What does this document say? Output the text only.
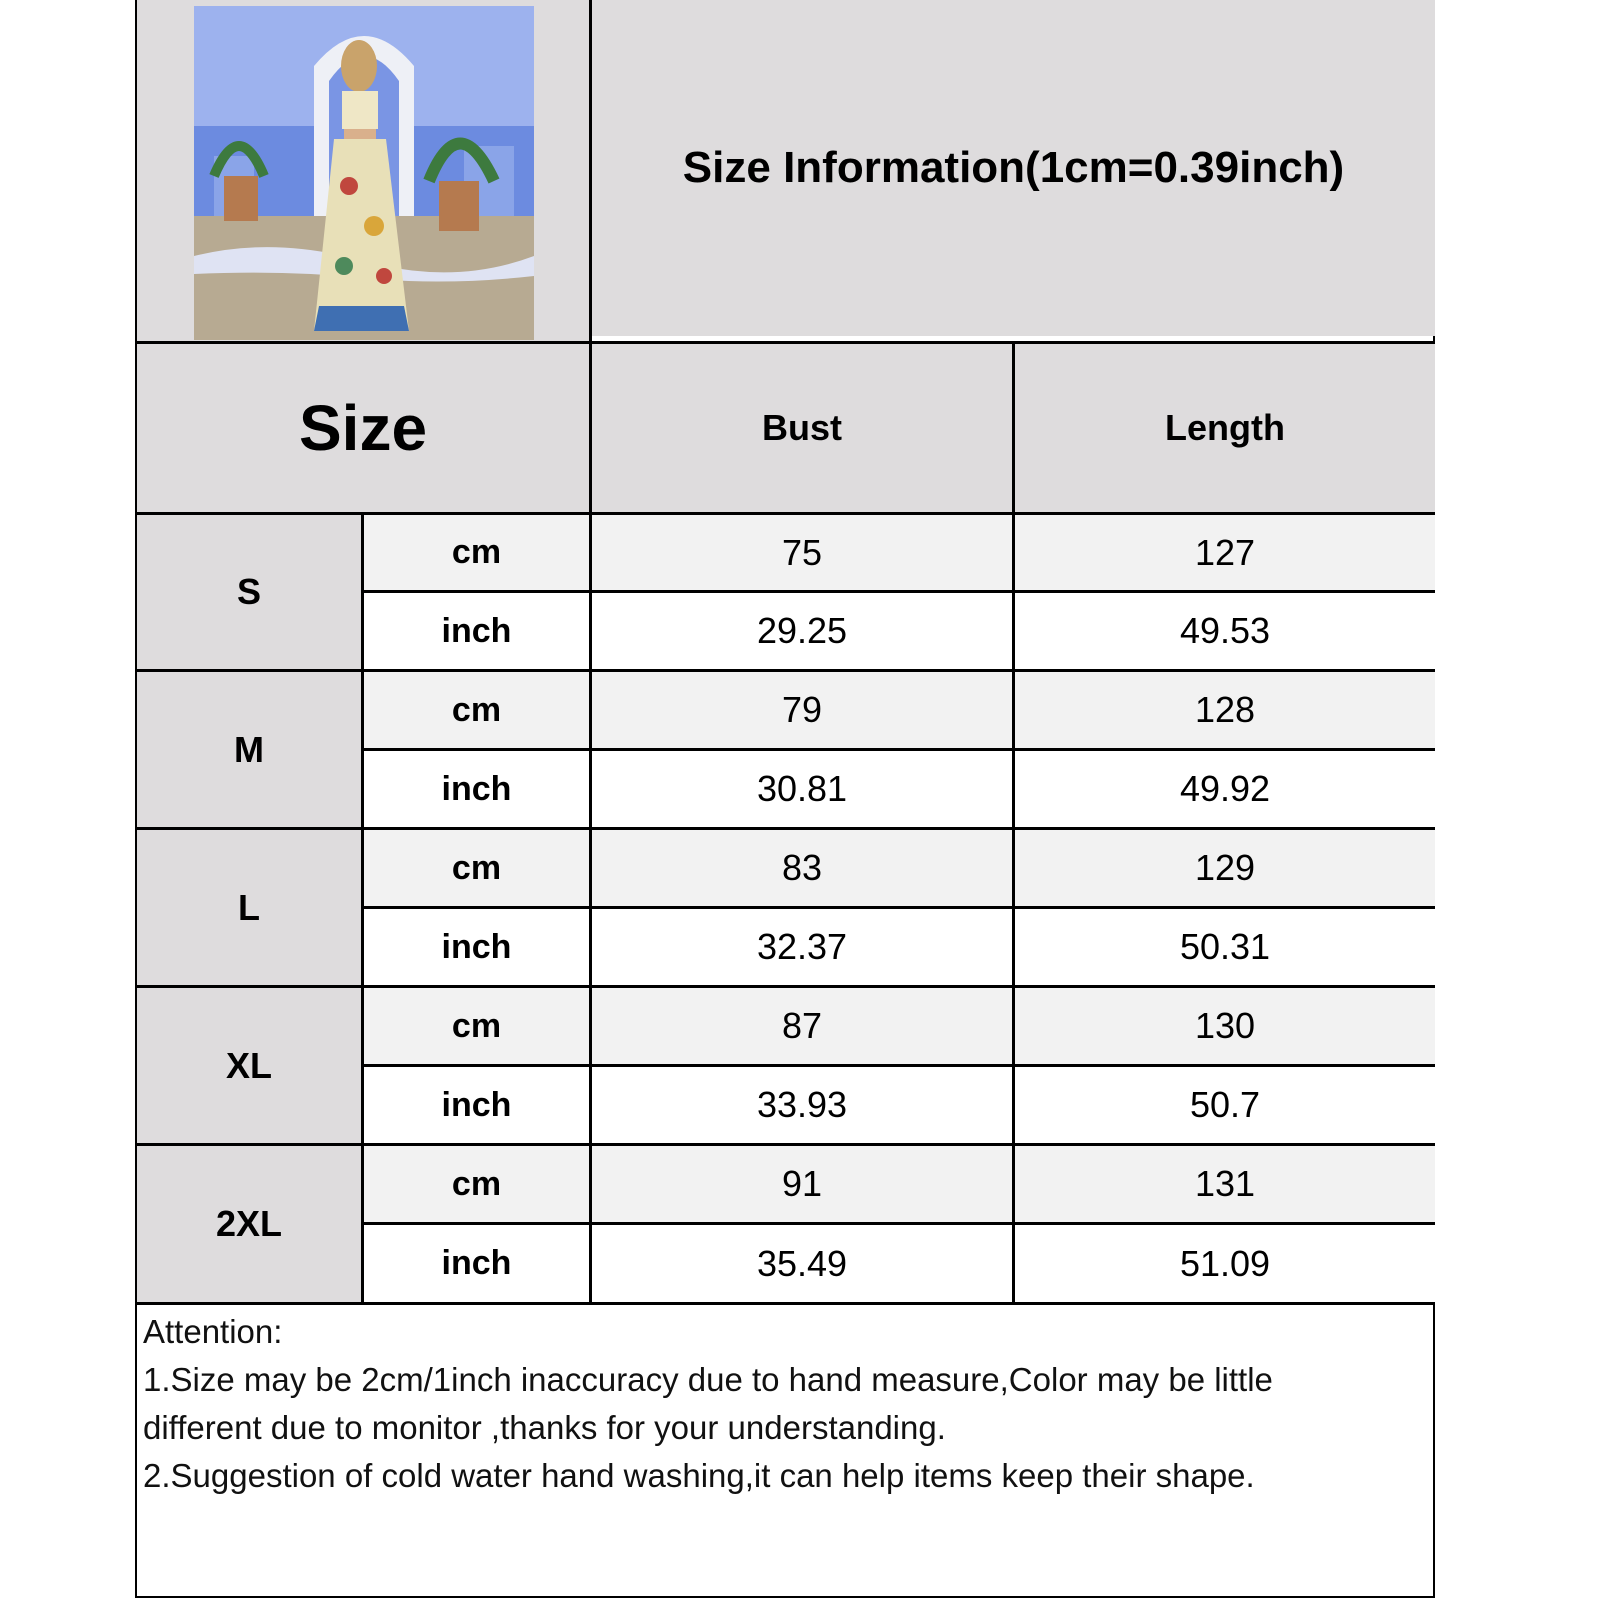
Size Information(1cm=0.39inch)
Size	Bust	Length
S
cm	75	127
inch	29.25	49.53
M
cm	79	128
inch	30.81	49.92
L
cm	83	129
inch	32.37	50.31
XL
cm	87	130
inch	33.93	50.7
2XL
cm	91	131
inch	35.49	51.09
Attention:
1.Size may be 2cm/1inch inaccuracy due to hand measure,Color may be little
different due to monitor ,thanks for your understanding.
2.Suggestion of cold water hand washing,it can help items keep their shape.
